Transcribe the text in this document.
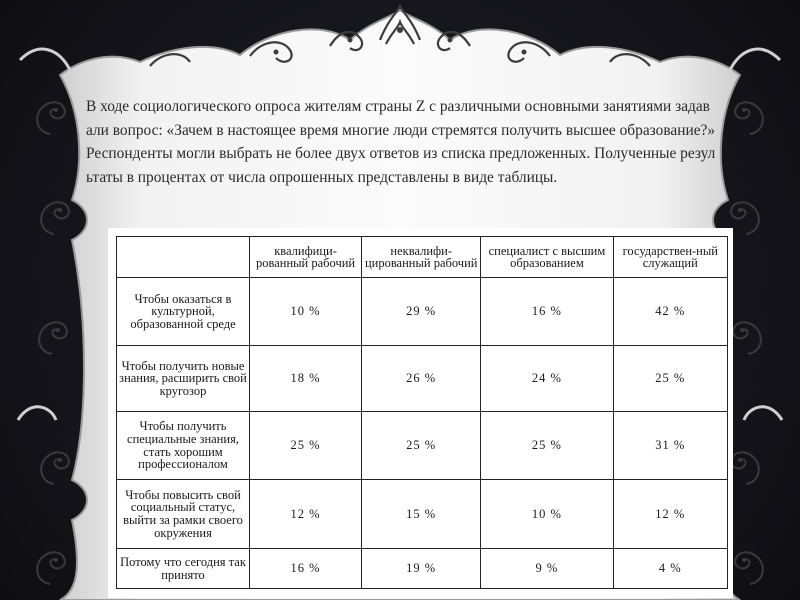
В ходе социологического опроса жителям страны Z с различными основными занятиями задавали вопрос: «Зачем в настоящее время многие люди стремятся получить высшее образование?» Респонденты могли выбрать не более двух ответов из списка предложенных. Полученные результаты в процентах от числа опрошенных представлены в виде таблицы.

	квалифици-рованный рабочий	неквалифи-цированный рабочий	специалист с высшим образованием	государствен-ный служащий
Чтобы оказаться в культурной, образованной среде	10 %	29 %	16 %	42 %
Чтобы получить новые знания, расширить свой кругозор	18 %	26 %	24 %	25 %
Чтобы получить специальные знания, стать хорошим профессионалом	25 %	25 %	25 %	31 %
Чтобы повысить свой социальный статус, выйти за рамки своего окружения	12 %	15 %	10 %	12 %
Потому что сегодня так принято	16 %	19 %	9 %	4 %
